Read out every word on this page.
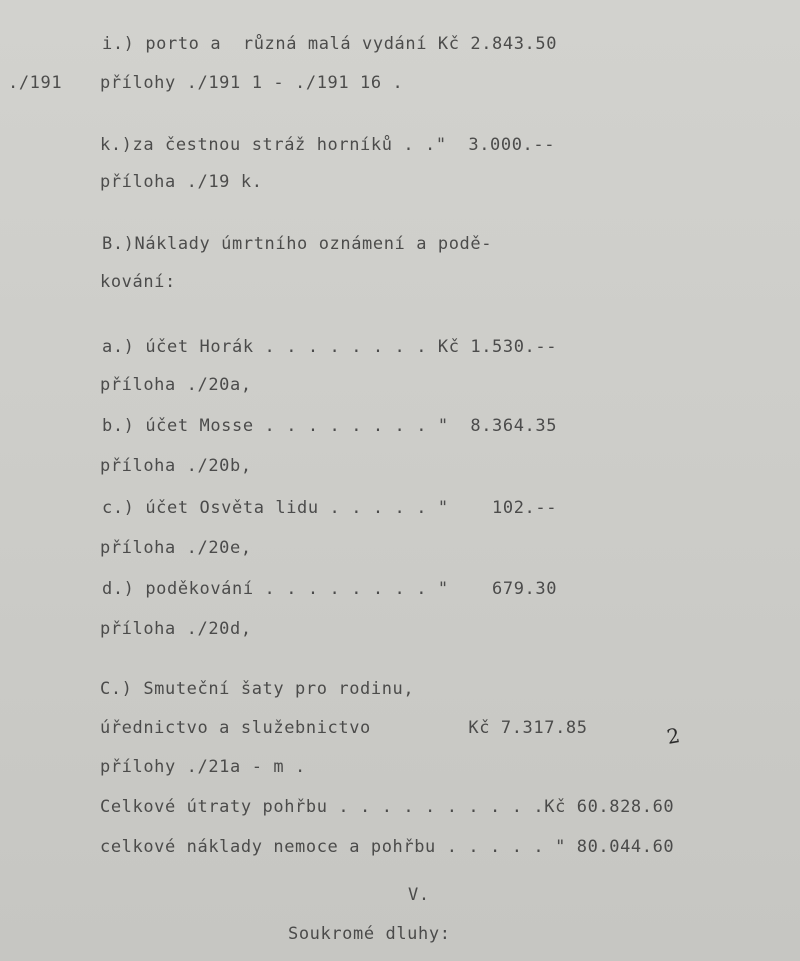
i.) porto a  různá malá vydání Kč 2.843.50
./191 přílohy ./191 1 - ./191 16 .
k.)za čestnou stráž horníků . ."  3.000.--
příloha ./19 k.
B.)Náklady úmrtního oznámení a podě-
kování:
a.) účet Horák . . . . . . . . Kč 1.530.--
příloha ./20a,
b.) účet Mosse . . . . . . . . "  8.364.35
příloha ./20b,
c.) účet Osvěta lidu . . . . . "    102.--
příloha ./20e,
d.) poděkování . . . . . . . . "    679.30
příloha ./20d,
C.) Smuteční šaty pro rodinu,
úřednictvo a služebnictvo         Kč 7.317.85
přílohy ./21a - m .
Celkové útraty pohřbu . . . . . . . . . .Kč 60.828.60
celkové náklady nemoce a pohřbu . . . . . " 80.044.60
V.
Soukromé dluhy:
2
